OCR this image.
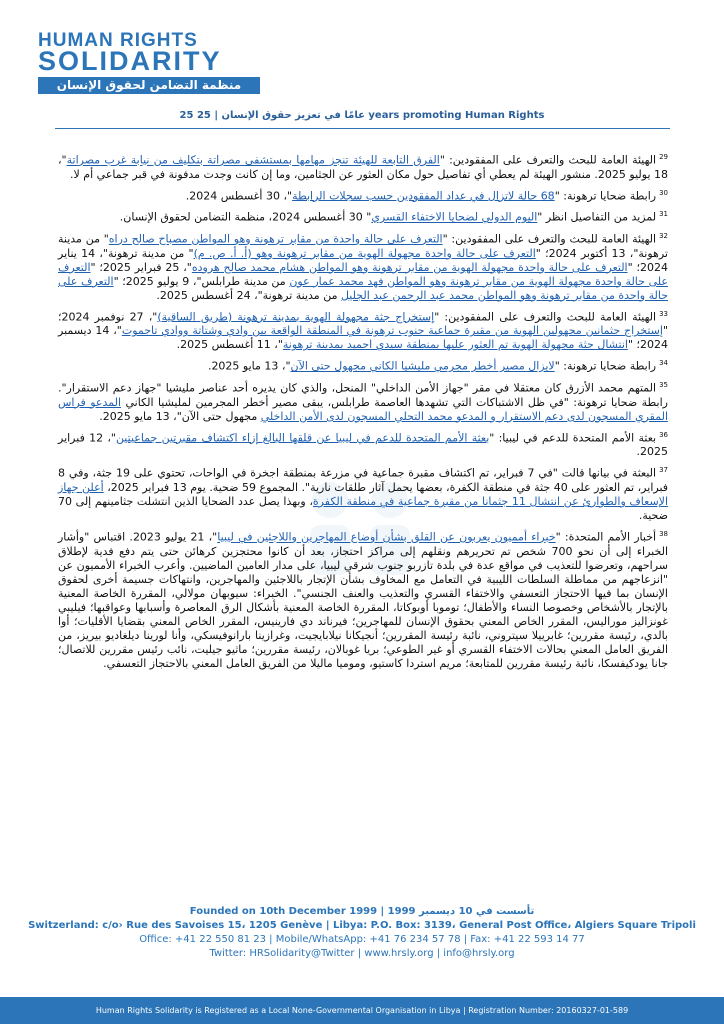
HUMAN RIGHTS
SOLIDARITY
منظمة التضامن لحقوق الإنسان
25 عامًا في تعزيز حقوق الإنسان | 25 years promoting Human Rights

$^{29}$الهيئة العامة للبحث والتعرف على المفقودين: "الفرق التابعة للهيئة تنجز مهامها بمستشفى مصراتة بتكليف من نيابة غرب مصراتة"، 18 يوليو 2025. منشور الهيئة لم يعطي أي تفاصيل حول مكان العثور عن الجثامين، وما إن كانت وجدت مدفونة في قبر جماعي أم لا.

$^{30}$رابطة ضحايا ترهونة: "68 حالة لاتزال في عداد المفقودين حسب سجلات الرابطة"، 30 أغسطس 2024.

$^{31}$لمزيد من التفاصيل انظر "اليوم الدولي لضحايا الاختفاء القسري" 30 أغسطس 2024، منظمة التضامن لحقوق الإنسان.

$^{32}$الهيئة العامة للبحث والتعرف على المفقودين: "التعرف على حالة واحدة من مقابر ترهونة وهو المواطن مصباح صالح دراه" من مدينة ترهونة"، 13 أكتوبر 2024؛ "التعرف على حالة واحدة مجهولة الهوية من مقابر ترهونة وهو (أ. أ. ص. م)" من مدينة ترهونة"، 14 يناير 2024؛ "التعرف على حالة واحدة مجهولة الهوية من مقابر ترهونة وهو المواطن هشام محمد صالح هروده"، 25 فبراير 2025؛ "التعرف على حالة واحدة مجهولة الهوية من مقابر ترهونة وهو المواطن فهد محمد عمار عون من مدينة طرابلس"، 9 يوليو 2025؛ "التعرف على حالة واحدة من مقابر ترهونة وهو المواطن محمد عبد الرحمن عبد الجليل من مدينة ترهونة"، 24 أغسطس 2025.

$^{33}$الهيئة العامة للبحث والتعرف على المفقودين: "إستخراج جثة مجهولة الهوية بمدينة ترهونة (طريق الساقية)"، 27 نوفمبر 2024؛ "إستخراج جثمانين مجهولين الهوية من مقبرة جماعية جنوب ترهونة في المنطقة الواقعة بين وادي وشتاتة ووادي تاجموت"، 14 ديسمبر 2024؛ "انتشال جثة مجهولة الهوية تم العثور عليها بمنطقة سيدي احميد بمدينة ترهونة"، 11 أغسطس 2025.

$^{34}$رابطة ضحايا ترهونة: "لايزال مصير أخطر مجرمي مليشيا الكاني مجهول حتى الآن"، 13 مايو 2025.

$^{35}$المتهم محمد الأزرق كان معتقلا في مقر "جهاز الأمن الداخلي" المنحل، والذي كان يديره أحد عناصر مليشيا "جهاز دعم الاستقرار". رابطة ضحايا ترهونة: "في ظل الاشتباكات التي تشهدها العاصمة طرابلس، يبقى مصير أخطر المجرمين لمليشيا الكاني المدعو فراس المقري المسجون لدى دعم الاستقرار و المدعو محمد التحلي المسجون لدى الأمن الداخلي مجهول حتى الآن"، 13 مايو 2025.

$^{36}$بعثة الأمم المتحدة للدعم في ليبيا: "بعثة الأمم المتحدة للدعم في ليبيا عن قلقها البالغ إزاء اكتشاف مقبرتين جماعيتين"، 12 فبراير 2025.

$^{37}$البعثة في بيانها قالت "في 7 فبراير، تم اكتشاف مقبرة جماعية في مزرعة بمنطقة اجخرة في الواحات، تحتوي على 19 جثة، وفي 8 فبراير، تم العثور على 40 جثة في منطقة الكفرة، بعضها يحمل آثار طلقات نارية". المجموع 59 ضحية. يوم 13 فبراير 2025، أعلن جهاز الإسعاف والطوارئ عن انتشال 11 جثمانا من مقبرة جماعية في منطقة الكفرة، وبهذا يصل عدد الضحايا الذين انتشلت جثامينهم إلى 70 ضحية.

$^{38}$أخبار الأمم المتحدة: "خبراء أمميون يعربون عن القلق بشأن أوضاع المهاجرين واللاجئين في ليبيا"، 21 يوليو 2023. اقتباس "وأشار الخبراء إلى أن نحو 700 شخص تم تحريرهم ونقلهم إلى مراكز احتجاز، بعد أن كانوا محتجزين كرهائن حتى يتم دفع فدية لإطلاق سراحهم، وتعرضوا للتعذيب في مواقع عدة في بلدة تازربو جنوب شرقي ليبيا، على مدار العامين الماضيين. وأعرب الخبراء الأمميون عن "انزعاجهم من مماطلة السلطات الليبية في التعامل مع المخاوف بشأن الإتجار باللاجئين والمهاجرين، وانتهاكات جسيمة أخرى لحقوق الإنسان بما فيها الاحتجاز التعسفي والاختفاء القسري والتعذيب والعنف الجنسي". الخبراء: سيوبهان مولالي، المقررة الخاصة المعنية بالإتجار بالأشخاص وخصوصا النساء والأطفال؛ توموبا أوبوكاتا، المقررة الخاصة المعنية بأشكال الرق المعاصرة وأسبابها وعواقبها؛ فيليبي غونزاليز موراليس، المقرر الخاص المعني بحقوق الإنسان للمهاجرين؛ فيرناند دي فارينيس، المقرر الخاص المعني بقضايا الأقليات؛ أوا بالدي، رئيسة مقررين؛ غابرييلا سيتروني، نائبة رئيسة المقررين؛ أنجيكانا نيلابايجيت، وغرازينا بارانوفيسكي، وأنا لورينا ديلغاديو بيريز، من الفريق العامل المعني بحالات الاختفاء القسري أو غير الطوعي؛ بريا غوبالان، رئيسة مقررين؛ ماثيو جيليت، نائب رئيس مقررين للاتصال؛ جانا يودكيفسكا، نائبة رئيسة مقررين للمتابعة؛ مريم استردا كاستيو، وموميا ماليلا من الفريق العامل المعني بالاحتجاز التعسفي.

Founded on 10th December 1999 | 1999 تأسست في 10 ديسمبر
Switzerland: c/o› Rue des Savoises 15، 1205 Genève | Libya: P.O. Box: 3139، General Post Office، Algiers Square Tripoli
Office: +41 22 550 81 23 | Mobile/WhatsApp: +41 76 234 57 78 | Fax: +41 22 593 14 77
Twitter: HRSolidarity@Twitter | www.hrsly.org | info@hrsly.org
Human Rights Solidarity is Registered as a Local None-Governmental Organisation in Libya | Registration Number: 20160327-01-589
